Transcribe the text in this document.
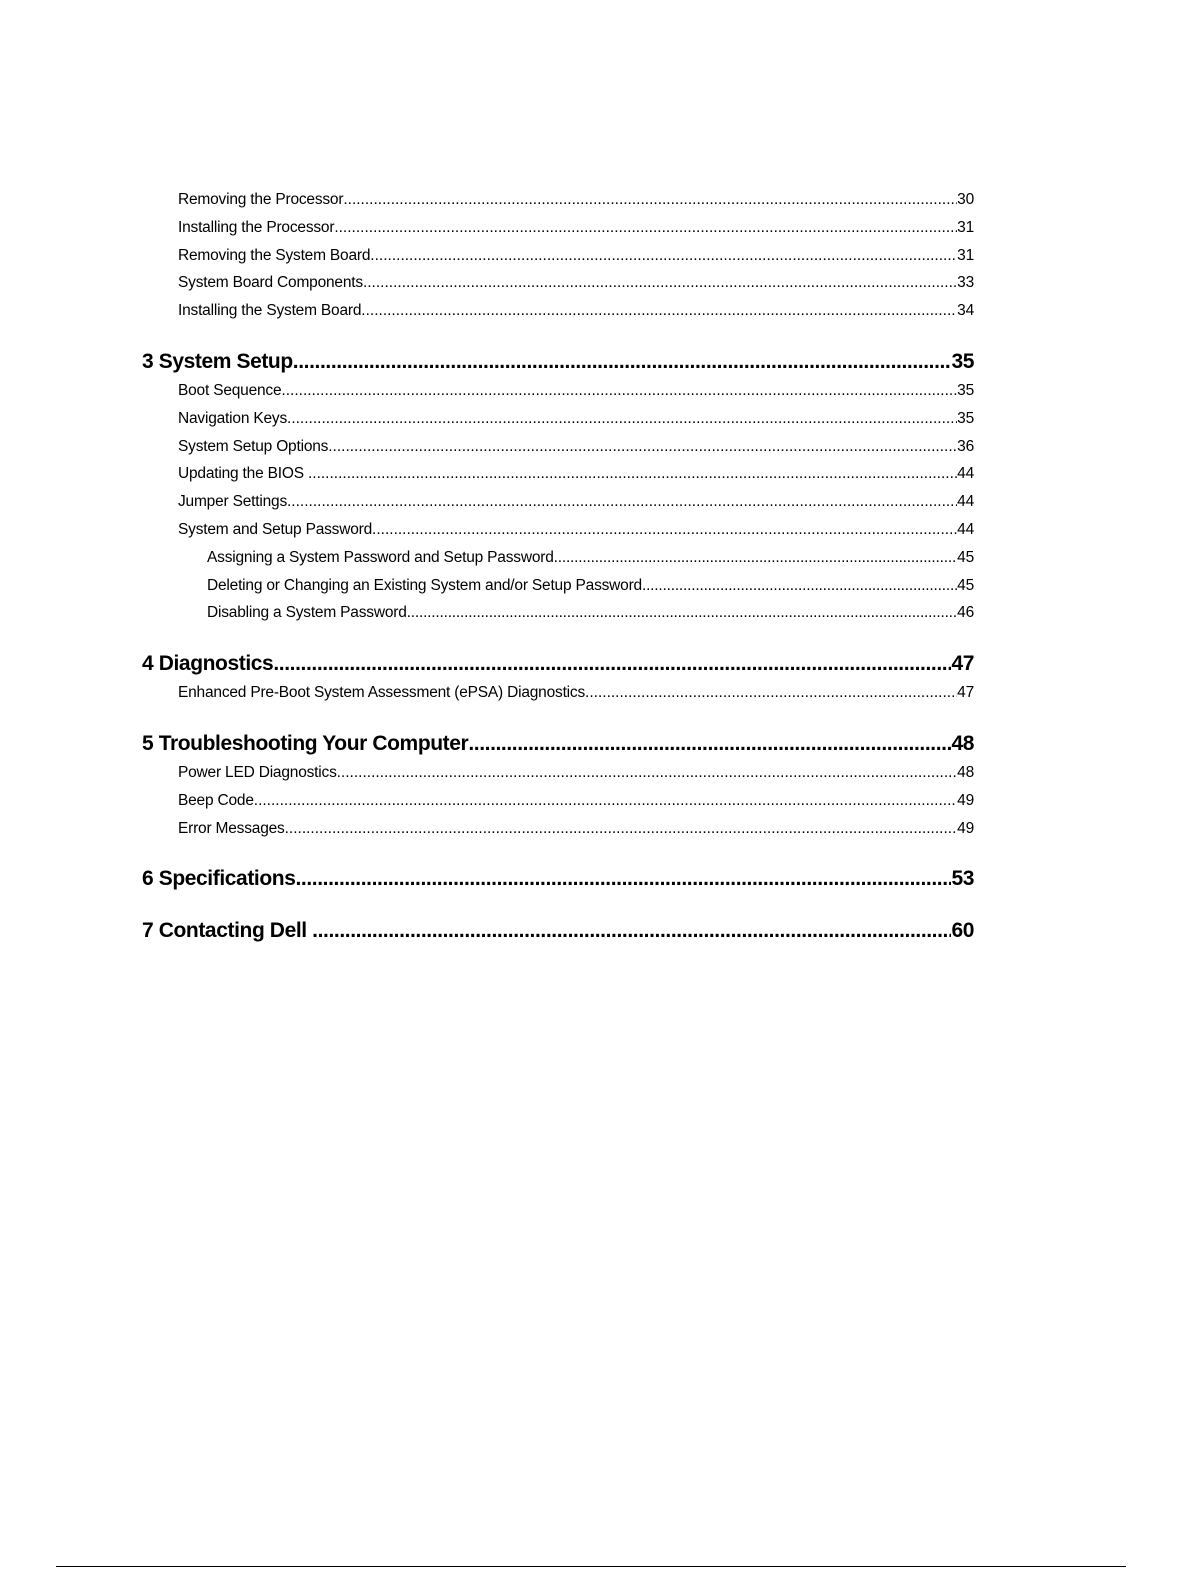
Removing the Processor .....	30
Installing the Processor .....	31
Removing the System Board .....	31
System Board Components .....	33
Installing the System Board .....	34
3 System Setup .....	35
Boot Sequence .....	35
Navigation Keys .....	35
System Setup Options .....	36
Updating the BIOS .....	44
Jumper Settings .....	44
System and Setup Password .....	44
Assigning a System Password and Setup Password .....	45
Deleting or Changing an Existing System and/or Setup Password .....	45
Disabling a System Password .....	46
4 Diagnostics .....	47
Enhanced Pre-Boot System Assessment (ePSA) Diagnostics .....	47
5 Troubleshooting Your Computer .....	48
Power LED Diagnostics .....	48
Beep Code .....	49
Error Messages .....	49
6 Specifications .....	53
7 Contacting Dell .....	60
